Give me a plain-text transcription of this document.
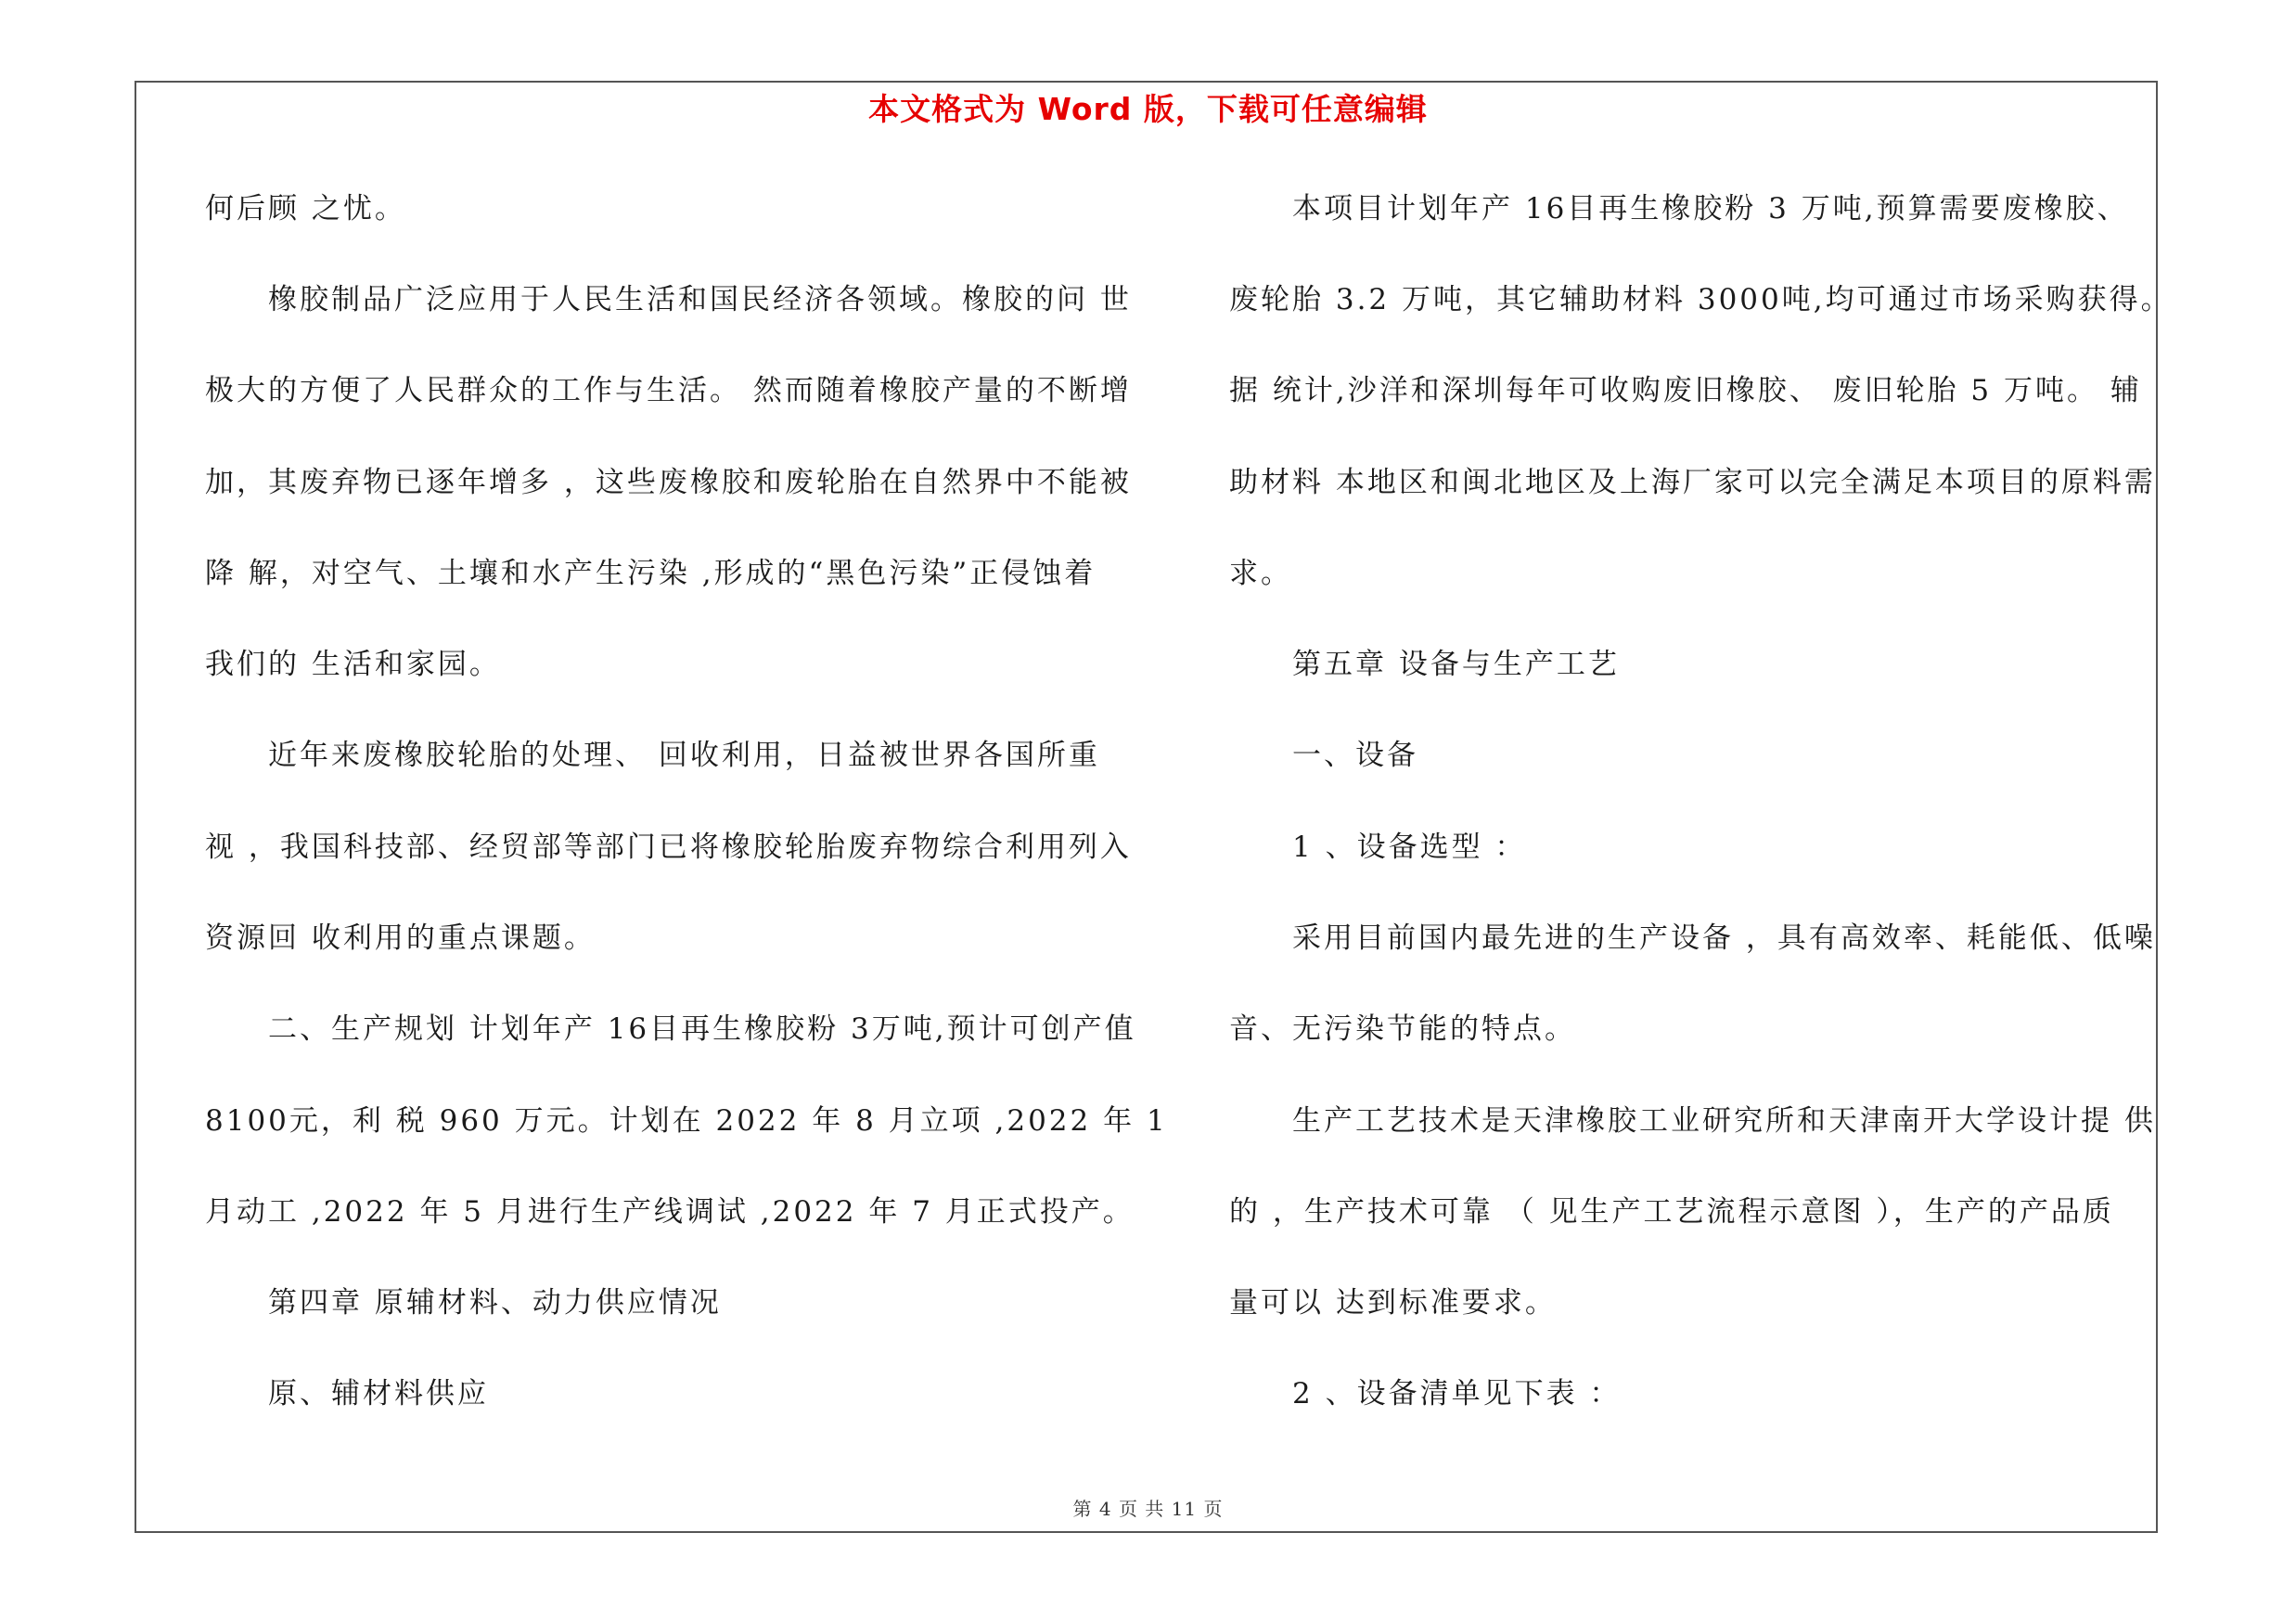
本文格式为 Word 版，下载可任意编辑
何后顾 之忧。
　　橡胶制品广泛应用于人民生活和国民经济各领域。橡胶的问 世
极大的方便了人民群众的工作与生活。 然而随着橡胶产量的不断增
加，其废弃物已逐年增多 ，这些废橡胶和废轮胎在自然界中不能被
降 解，对空气、土壤和水产生污染 ,形成的“黑色污染”正侵蚀着
我们的 生活和家园。
　　近年来废橡胶轮胎的处理、 回收利用，日益被世界各国所重
视 ，我国科技部、经贸部等部门已将橡胶轮胎废弃物综合利用列入
资源回 收利用的重点课题。
　　二、生产规划 计划年产 16目再生橡胶粉 3万吨,预计可创产值
8100元，利 税 960 万元。计划在 2022 年 8 月立项 ,2022 年 1
月动工 ,2022 年 5 月进行生产线调试 ,2022 年 7 月正式投产。
　　第四章 原辅材料、动力供应情况
　　原、辅材料供应
　　本项目计划年产 16目再生橡胶粉 3 万吨,预算需要废橡胶、
废轮胎 3.2 万吨，其它辅助材料 3000吨,均可通过市场采购获得。
据 统计,沙洋和深圳每年可收购废旧橡胶、 废旧轮胎 5 万吨。 辅
助材料 本地区和闽北地区及上海厂家可以完全满足本项目的原料需
求。
　　第五章 设备与生产工艺
　　一、设备
　　1 、设备选型 ：
　　采用目前国内最先进的生产设备 ，具有高效率、耗能低、低噪
音、无污染节能的特点。
　　生产工艺技术是天津橡胶工业研究所和天津南开大学设计提 供
的 ，生产技术可靠 （ 见生产工艺流程示意图 ），生产的产品质
量可以 达到标准要求。
　　2 、设备清单见下表 ：
第 4 页 共 11 页
